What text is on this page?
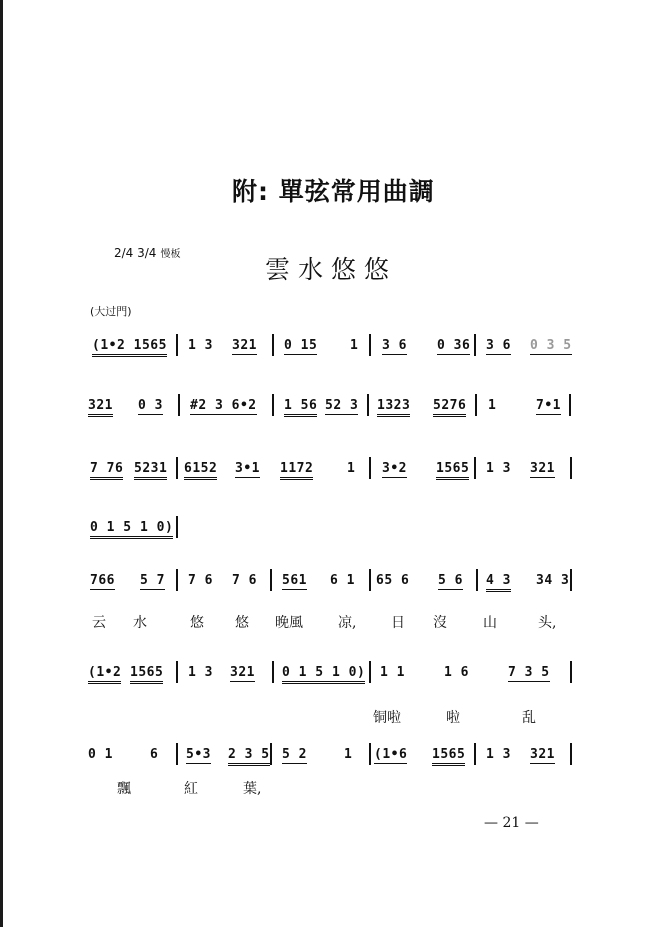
附: 單弦常用曲調
2/4 3/4 慢板
雲水悠悠
(大过門)
(1•2 1565 1 3 321 0 15	1 3 6 0 36 3 6 0 3 5
321 0 3 #2 3 6•2 1 56 52 3 1323 5276 1	7•1
7 76 5231 6152 3•1 1172	1 3•2 1565 1 3 321
0 1 5 1 0)
766 5 7 7 6 7 6 561 6 1 65 6 5 6 4 3 34 3
云 水	悠 悠 晚風	凉, 日 沒	山	头,
(1•2 1565 1 3 321 0 1 5 1 0) 1 1	1 6	7 3 5
铜啦	啦	乱
0 1	6 5•3 2 3 5 5 2	1 (1•6 1565 1 3 321
飄	紅	葉,
— 21 —
